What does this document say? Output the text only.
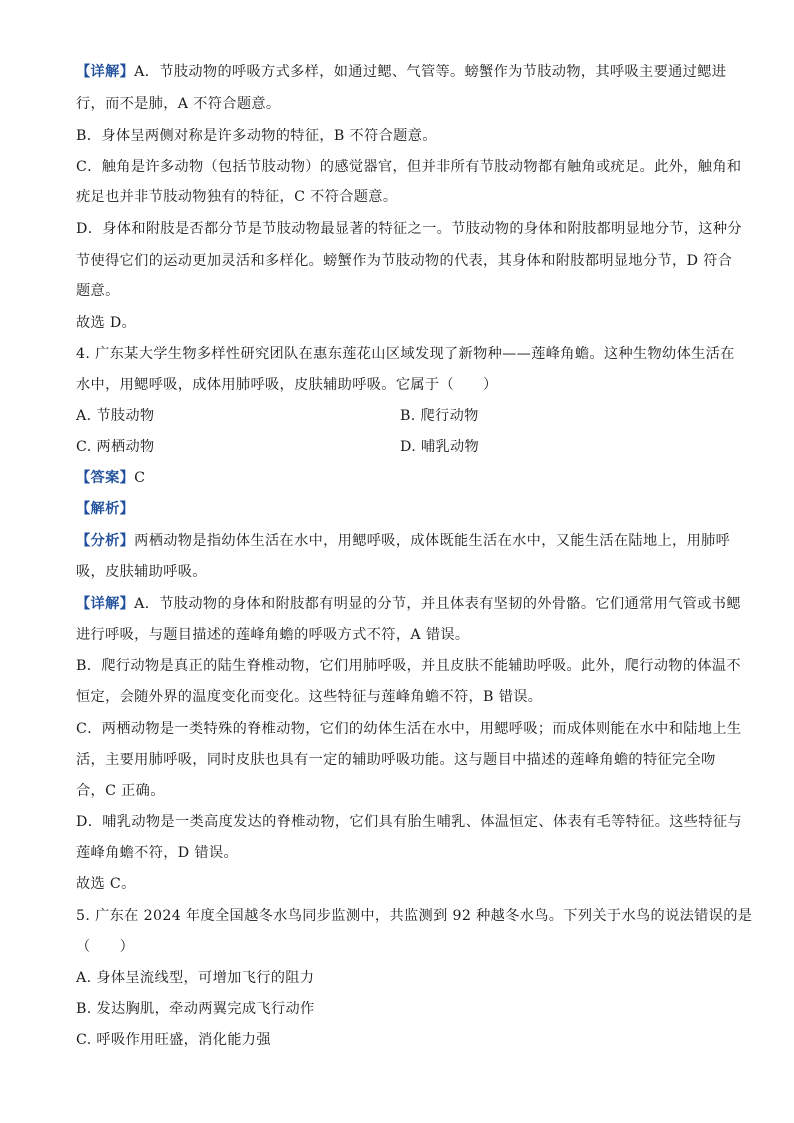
【详解】A．节肢动物的呼吸方式多样，如通过鳃、气管等。螃蟹作为节肢动物，其呼吸主要通过鳃进
行，而不是肺，A 不符合题意。
B．身体呈两侧对称是许多动物的特征，B 不符合题意。
C．触角是许多动物（包括节肢动物）的感觉器官，但并非所有节肢动物都有触角或疣足。此外，触角和
疣足也并非节肢动物独有的特征，C 不符合题意。
D．身体和附肢是否都分节是节肢动物最显著的特征之一。节肢动物的身体和附肢都明显地分节，这种分
节使得它们的运动更加灵活和多样化。螃蟹作为节肢动物的代表，其身体和附肢都明显地分节，D 符合
题意。
故选 D。
4. 广东某大学生物多样性研究团队在惠东莲花山区域发现了新物种——莲峰角蟾。这种生物幼体生活在
水中，用鳃呼吸，成体用肺呼吸，皮肤辅助呼吸。它属于（　　）
A. 节肢动物	B. 爬行动物
C. 两栖动物	D. 哺乳动物
【答案】C
【解析】
【分析】两栖动物是指幼体生活在水中，用鳃呼吸，成体既能生活在水中，又能生活在陆地上，用肺呼
吸，皮肤辅助呼吸。
【详解】A．节肢动物的身体和附肢都有明显的分节，并且体表有坚韧的外骨骼。它们通常用气管或书鳃
进行呼吸，与题目描述的莲峰角蟾的呼吸方式不符，A 错误。
B．爬行动物是真正的陆生脊椎动物，它们用肺呼吸，并且皮肤不能辅助呼吸。此外，爬行动物的体温不
恒定，会随外界的温度变化而变化。这些特征与莲峰角蟾不符，B 错误。
C．两栖动物是一类特殊的脊椎动物，它们的幼体生活在水中，用鳃呼吸；而成体则能在水中和陆地上生
活，主要用肺呼吸，同时皮肤也具有一定的辅助呼吸功能。这与题目中描述的莲峰角蟾的特征完全吻
合，C 正确。
D．哺乳动物是一类高度发达的脊椎动物，它们具有胎生哺乳、体温恒定、体表有毛等特征。这些特征与
莲峰角蟾不符，D 错误。
故选 C。
5. 广东在 2024 年度全国越冬水鸟同步监测中，共监测到 92 种越冬水鸟。下列关于水鸟的说法错误的是
（　　）
A. 身体呈流线型，可增加飞行的阻力
B. 发达胸肌，牵动两翼完成飞行动作
C. 呼吸作用旺盛，消化能力强
